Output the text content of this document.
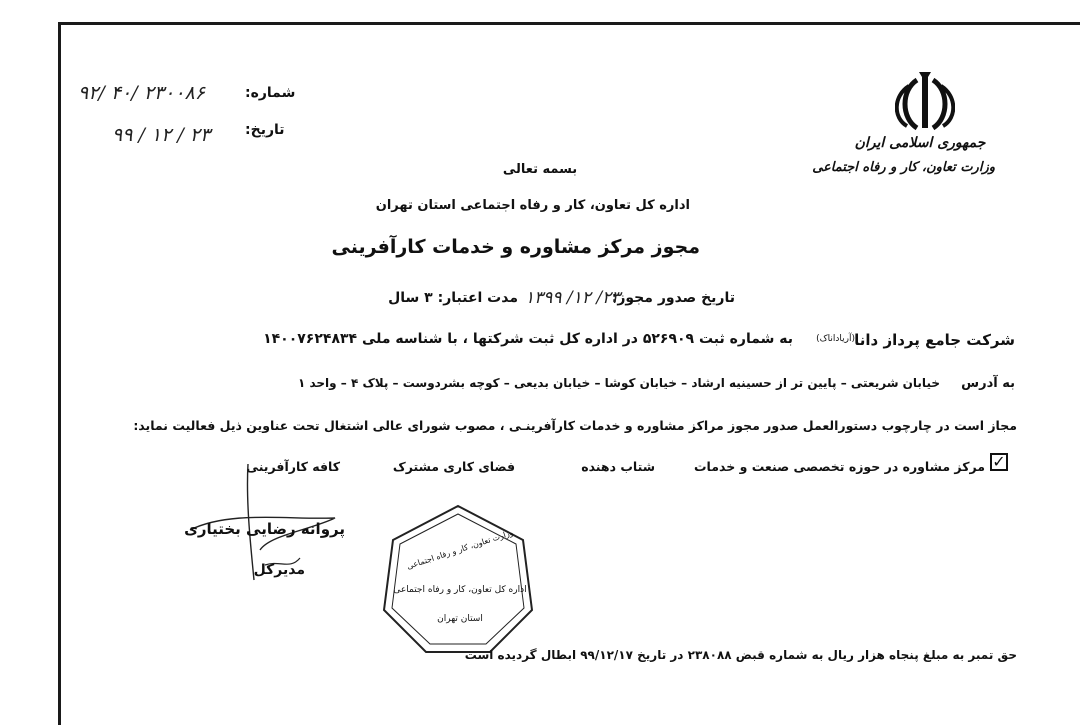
جمهوری اسلامی ایران
وزارت تعاون، کار و رفاه اجتماعی
شماره:
۹۲/ ۴۰/ ۲۳۰۰۸۶
تاریخ:
۹۹ / ۱۲ / ۲۳
بسمه تعالی
اداره کل تعاون، کار و رفاه اجتماعی استان تهران
مجوز مرکز مشاوره و خدمات کارآفرینی
تاریخ صدور مجوز:
۱۳۹۹ /۱۲ /۲۳
مدت اعتبار: ۳ سال
شرکت جامع پرداز دانا
(آریاداناک)
به شماره ثبت ۵۲۶۹۰۹ در اداره کل ثبت شرکتها ، با شناسه ملی ۱۴۰۰۷۶۲۴۸۳۴
به آدرس
خیابان شریعتی – پایین تر از حسینیه ارشاد – خیابان کوشا – خیابان بدیعی – کوچه بشردوست – پلاک ۴ – واحد ۱
مجاز است در چارچوب دستورالعمل صدور مجوز مراکز مشاوره و خدمات کارآفرینـی ، مصوب شورای عالی اشتغال تحت عناوین ذیل فعالیت نماید:
✓
مرکز مشاوره در حوزه تخصصی صنعت و خدمات
شتاب دهنده
فضای کاری مشترک
کافه کارآفرینی
پروانه رضایی بختیاری
مدیرکل	وزارت تعاون، کار و رفاه اجتماعی
اداره کل تعاون، کار و رفاه اجتماعی
استان تهران
حق تمبر به مبلغ پنجاه هزار ریال به شماره قبض ۲۳۸۰۸۸ در تاریخ ۹۹/۱۲/۱۷ ابطال گردیده است
